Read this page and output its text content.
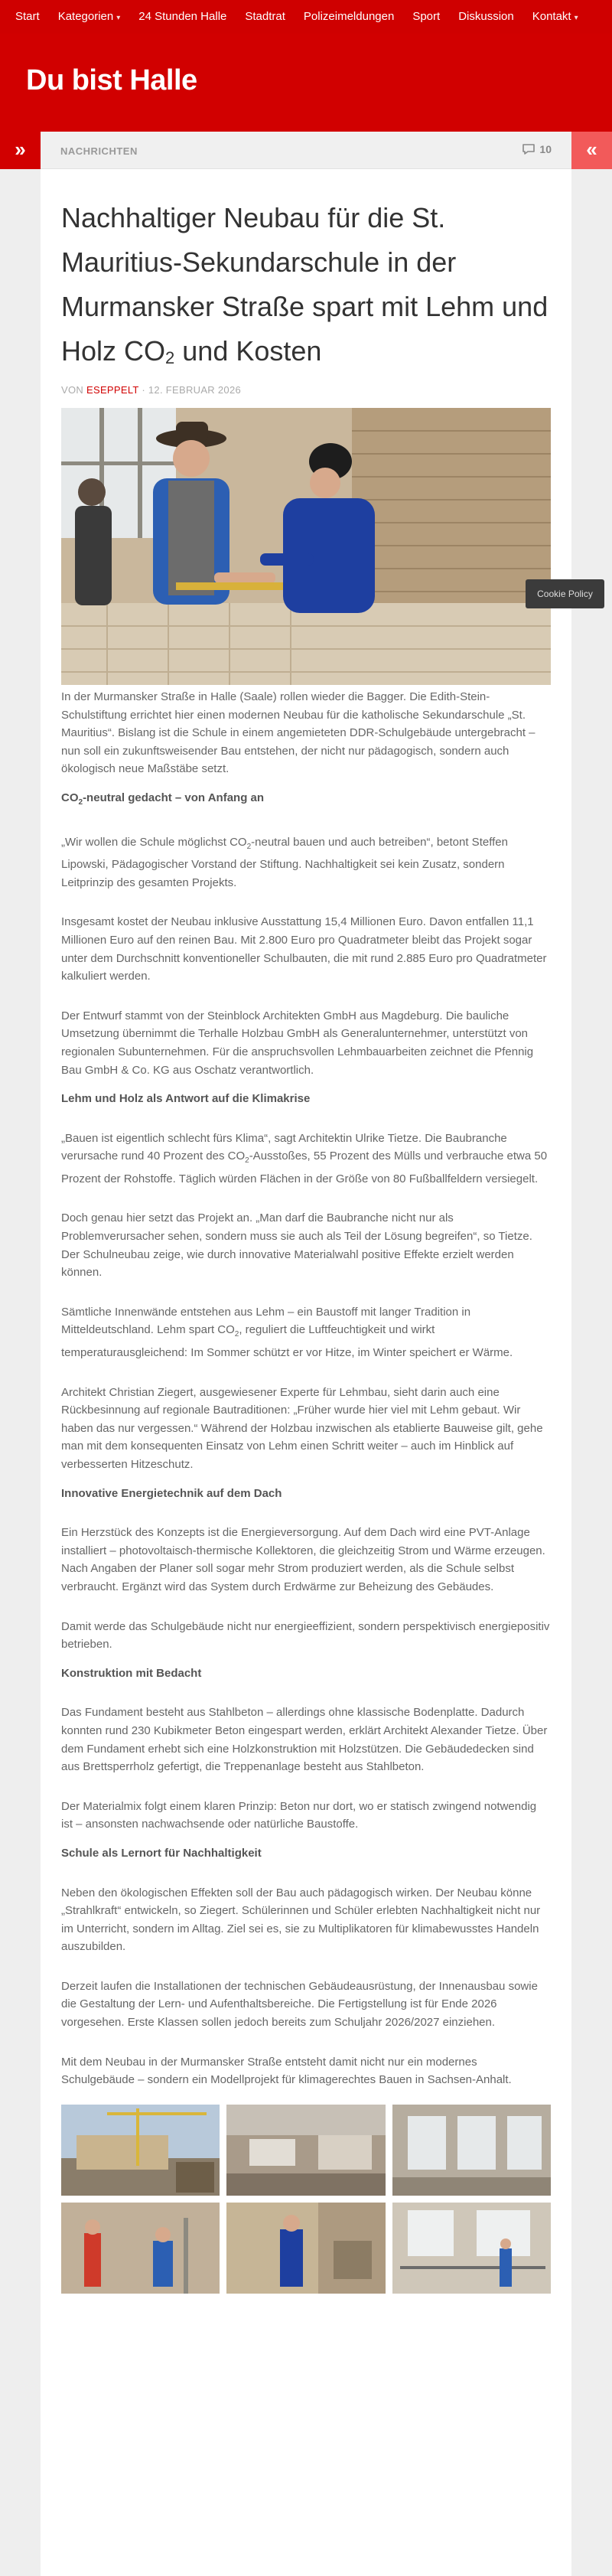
Start	Kategorien ▾	24 Stunden Halle	Stadtrat	Polizeimeldungen	Sport	Diskussion	Kontakt ▾
Du bist Halle
»	«
NACHRICHTEN	10
Nachhaltiger Neubau für die St. Mauritius-Sekundarschule in der Murmansker Straße spart mit Lehm und Holz $CO_2$ und Kosten
VON ESEPPELT · 12. FEBRUAR 2026
Cookie Policy

In der Murmansker Straße in Halle (Saale) rollen wieder die Bagger. Die Edith-Stein-Schulstiftung errichtet hier einen modernen Neubau für die katholische Sekundarschule „St. Mauritius“. Bislang ist die Schule in einem angemieteten DDR-Schulgebäude untergebracht – nun soll ein zukunftsweisender Bau entstehen, der nicht nur pädagogisch, sondern auch ökologisch neue Maßstäbe setzt.

$CO_2$-neutral gedacht – von Anfang an

„Wir wollen die Schule möglichst $CO_2$-neutral bauen und auch betreiben“, betont Steffen Lipowski, Pädagogischer Vorstand der Stiftung. Nachhaltigkeit sei kein Zusatz, sondern Leitprinzip des gesamten Projekts.

Insgesamt kostet der Neubau inklusive Ausstattung 15,4 Millionen Euro. Davon entfallen 11,1 Millionen Euro auf den reinen Bau. Mit 2.800 Euro pro Quadratmeter bleibt das Projekt sogar unter dem Durchschnitt konventioneller Schulbauten, die mit rund 2.885 Euro pro Quadratmeter kalkuliert werden.

Der Entwurf stammt von der Steinblock Architekten GmbH aus Magdeburg. Die bauliche Umsetzung übernimmt die Terhalle Holzbau GmbH als Generalunternehmer, unterstützt von regionalen Subunternehmen. Für die anspruchsvollen Lehmbauarbeiten zeichnet die Pfennig Bau GmbH & Co. KG aus Oschatz verantwortlich.

Lehm und Holz als Antwort auf die Klimakrise

„Bauen ist eigentlich schlecht fürs Klima“, sagt Architektin Ulrike Tietze. Die Baubranche verursache rund 40 Prozent des $CO_2$-Ausstoßes, 55 Prozent des Mülls und verbrauche etwa 50 Prozent der Rohstoffe. Täglich würden Flächen in der Größe von 80 Fußballfeldern versiegelt.

Doch genau hier setzt das Projekt an. „Man darf die Baubranche nicht nur als Problemverursacher sehen, sondern muss sie auch als Teil der Lösung begreifen“, so Tietze. Der Schulneubau zeige, wie durch innovative Materialwahl positive Effekte erzielt werden können.

Sämtliche Innenwände entstehen aus Lehm – ein Baustoff mit langer Tradition in Mitteldeutschland. Lehm spart $CO_2$, reguliert die Luftfeuchtigkeit und wirkt temperaturausgleichend: Im Sommer schützt er vor Hitze, im Winter speichert er Wärme.

Architekt Christian Ziegert, ausgewiesener Experte für Lehmbau, sieht darin auch eine Rückbesinnung auf regionale Bautraditionen: „Früher wurde hier viel mit Lehm gebaut. Wir haben das nur vergessen.“ Während der Holzbau inzwischen als etablierte Bauweise gilt, gehe man mit dem konsequenten Einsatz von Lehm einen Schritt weiter – auch im Hinblick auf verbesserten Hitzeschutz.

Innovative Energietechnik auf dem Dach

Ein Herzstück des Konzepts ist die Energieversorgung. Auf dem Dach wird eine PVT-Anlage installiert – photovoltaisch-thermische Kollektoren, die gleichzeitig Strom und Wärme erzeugen. Nach Angaben der Planer soll sogar mehr Strom produziert werden, als die Schule selbst verbraucht. Ergänzt wird das System durch Erdwärme zur Beheizung des Gebäudes.

Damit werde das Schulgebäude nicht nur energieeffizient, sondern perspektivisch energiepositiv betrieben.

Konstruktion mit Bedacht

Das Fundament besteht aus Stahlbeton – allerdings ohne klassische Bodenplatte. Dadurch konnten rund 230 Kubikmeter Beton eingespart werden, erklärt Architekt Alexander Tietze. Über dem Fundament erhebt sich eine Holzkonstruktion mit Holzstützen. Die Gebäudedecken sind aus Brettsperrholz gefertigt, die Treppenanlage besteht aus Stahlbeton.

Der Materialmix folgt einem klaren Prinzip: Beton nur dort, wo er statisch zwingend notwendig ist – ansonsten nachwachsende oder natürliche Baustoffe.

Schule als Lernort für Nachhaltigkeit

Neben den ökologischen Effekten soll der Bau auch pädagogisch wirken. Der Neubau könne „Strahlkraft“ entwickeln, so Ziegert. Schülerinnen und Schüler erlebten Nachhaltigkeit nicht nur im Unterricht, sondern im Alltag. Ziel sei es, sie zu Multiplikatoren für klimabewusstes Handeln auszubilden.

Derzeit laufen die Installationen der technischen Gebäudeausrüstung, der Innenausbau sowie die Gestaltung der Lern- und Aufenthaltsbereiche. Die Fertigstellung ist für Ende 2026 vorgesehen. Erste Klassen sollen jedoch bereits zum Schuljahr 2026/2027 einziehen.

Mit dem Neubau in der Murmansker Straße entsteht damit nicht nur ein modernes Schulgebäude – sondern ein Modellprojekt für klimagerechtes Bauen in Sachsen-Anhalt.
